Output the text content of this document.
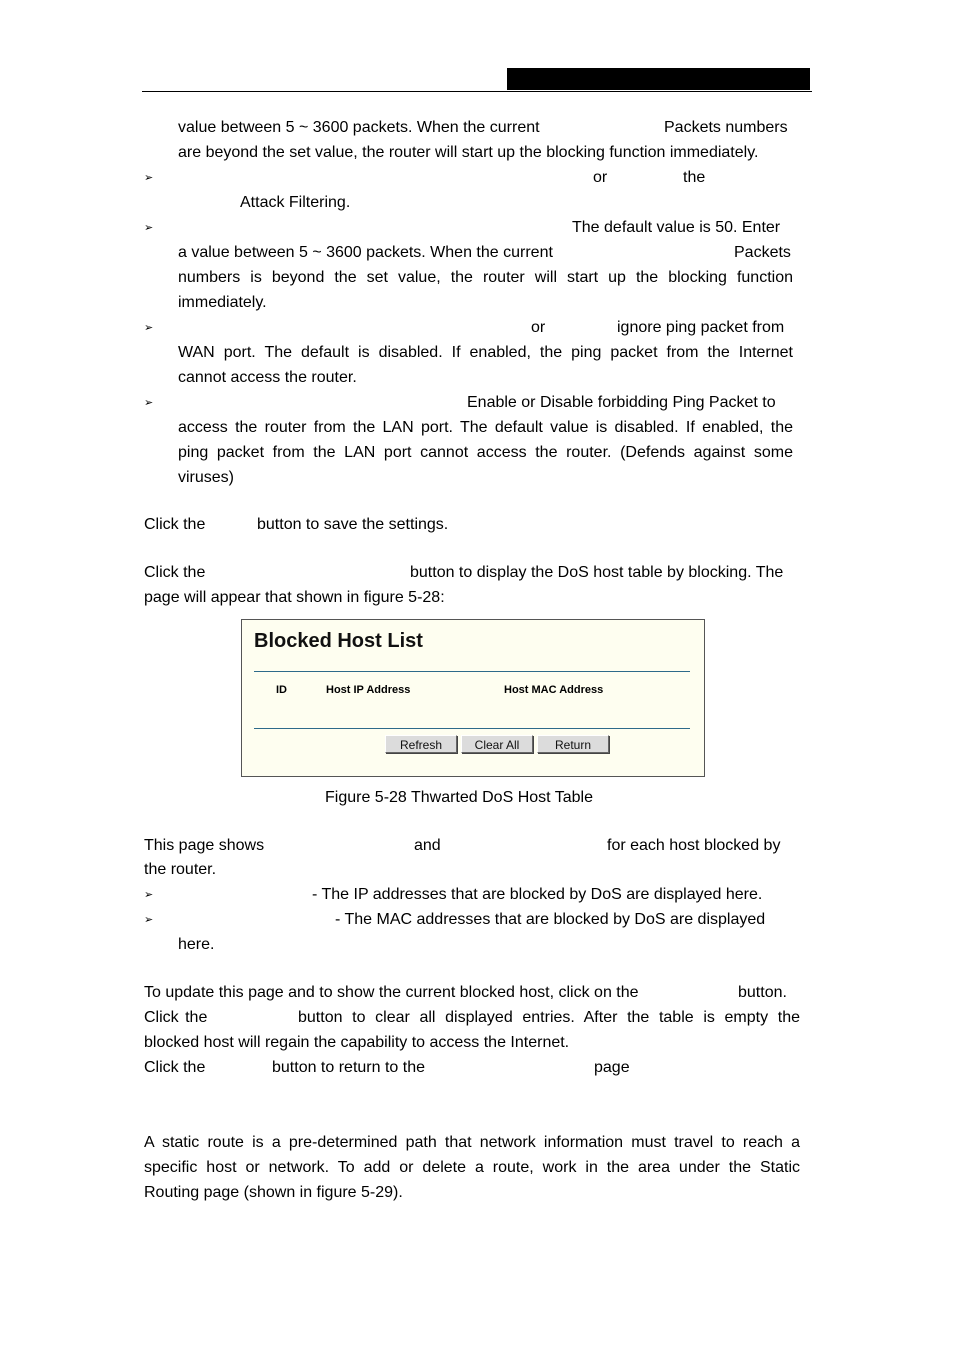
value between 5 ~ 3600 packets. When the current	Packets numbers
are beyond the set value, the router will start up the blocking function immediately.
➢	or	the
Attack Filtering.
➢	The default value is 50. Enter
a value between 5 ~ 3600 packets. When the current	Packets
numbers is beyond the set value, the router will start up the blocking function
immediately.
➢	or	ignore ping packet from
WAN port. The default is disabled. If enabled, the ping packet from the Internet
cannot access the router.
➢	Enable or Disable forbidding Ping Packet to
access the router from the LAN port. The default value is disabled. If enabled, the
ping packet from the LAN port cannot access the router. (Defends against some
viruses)
Click the	button to save the settings.
Click the	button to display the DoS host table by blocking. The
page will appear that shown in figure 5-28:
Blocked Host List
ID	Host IP Address	Host MAC Address
Refresh	Clear All	Return
Figure 5-28 Thwarted DoS Host Table
This page shows	and	for each host blocked by
the router.
➢	- The IP addresses that are blocked by DoS are displayed here.
➢	- The MAC addresses that are blocked by DoS are displayed
here.
To update this page and to show the current blocked host, click on the	button.
Click the	button to clear all displayed entries. After the table is empty the
blocked host will regain the capability to access the Internet.
Click the	button to return to the	page
A static route is a pre-determined path that network information must travel to reach a
specific host or network. To add or delete a route, work in the area under the Static
Routing page (shown in figure 5-29).
